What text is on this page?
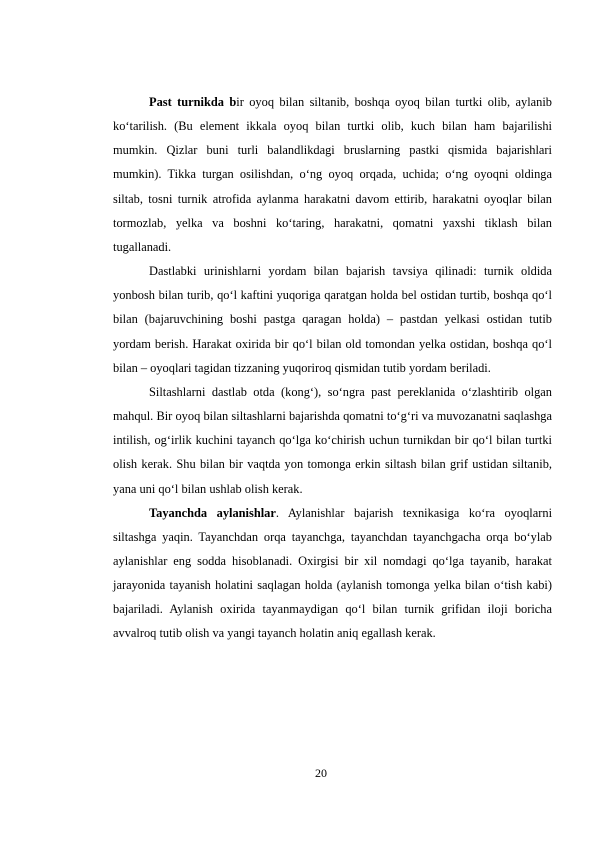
Past turnikda bir oyoq bilan siltanib, boshqa oyoq bilan turtki olib, aylanib ko‘tarilish. (Bu element ikkala oyoq bilan turtki olib, kuch bilan ham bajarilishi mumkin. Qizlar buni turli balandlikdagi bruslarning pastki qismida bajarishlari mumkin). Tikka turgan osilishdan, o‘ng oyoq orqada, uchida; o‘ng oyoqni oldinga siltab, tosni turnik atrofida aylanma harakatni davom ettirib, harakatni oyoqlar bilan tormozlab, yelka va boshni ko‘taring, harakatni, qomatni yaxshi tiklash bilan tugallanadi.

Dastlabki urinishlarni yordam bilan bajarish tavsiya qilinadi: turnik oldida yonbosh bilan turib, qo‘l kaftini yuqoriga qaratgan holda bel ostidan turtib, boshqa qo‘l bilan (bajaruvchining boshi pastga qaragan holda) – pastdan yelkasi ostidan tutib yordam berish. Harakat oxirida bir qo‘l bilan old tomondan yelka ostidan, boshqa qo‘l bilan – oyoqlari tagidan tizzaning yuqoriroq qismidan tutib yordam beriladi.

Siltashlarni dastlab otda (kong‘), so‘ngra past pereklanida o‘zlashtirib olgan mahqul. Bir oyoq bilan siltashlarni bajarishda qomatni to‘g‘ri va muvozanatni saqlashga intilish, og‘irlik kuchini tayanch qo‘lga ko‘chirish uchun turnikdan bir qo‘l bilan turtki olish kerak. Shu bilan bir vaqtda yon tomonga erkin siltash bilan grif ustidan siltanib, yana uni qo‘l bilan ushlab olish kerak.

Tayanchda aylanishlar. Aylanishlar bajarish texnikasiga ko‘ra oyoqlarni siltashga yaqin. Tayanchdan orqa tayanchga, tayanchdan tayanchgacha orqa bo‘ylab aylanishlar eng sodda hisoblanadi. Oxirgisi bir xil nomdagi qo‘lga tayanib, harakat jarayonida tayanish holatini saqlagan holda (aylanish tomonga yelka bilan o‘tish kabi) bajariladi. Aylanish oxirida tayanmaydigan qo‘l bilan turnik grifidan iloji boricha avvalroq tutib olish va yangi tayanch holatin aniq egallash kerak.

20
